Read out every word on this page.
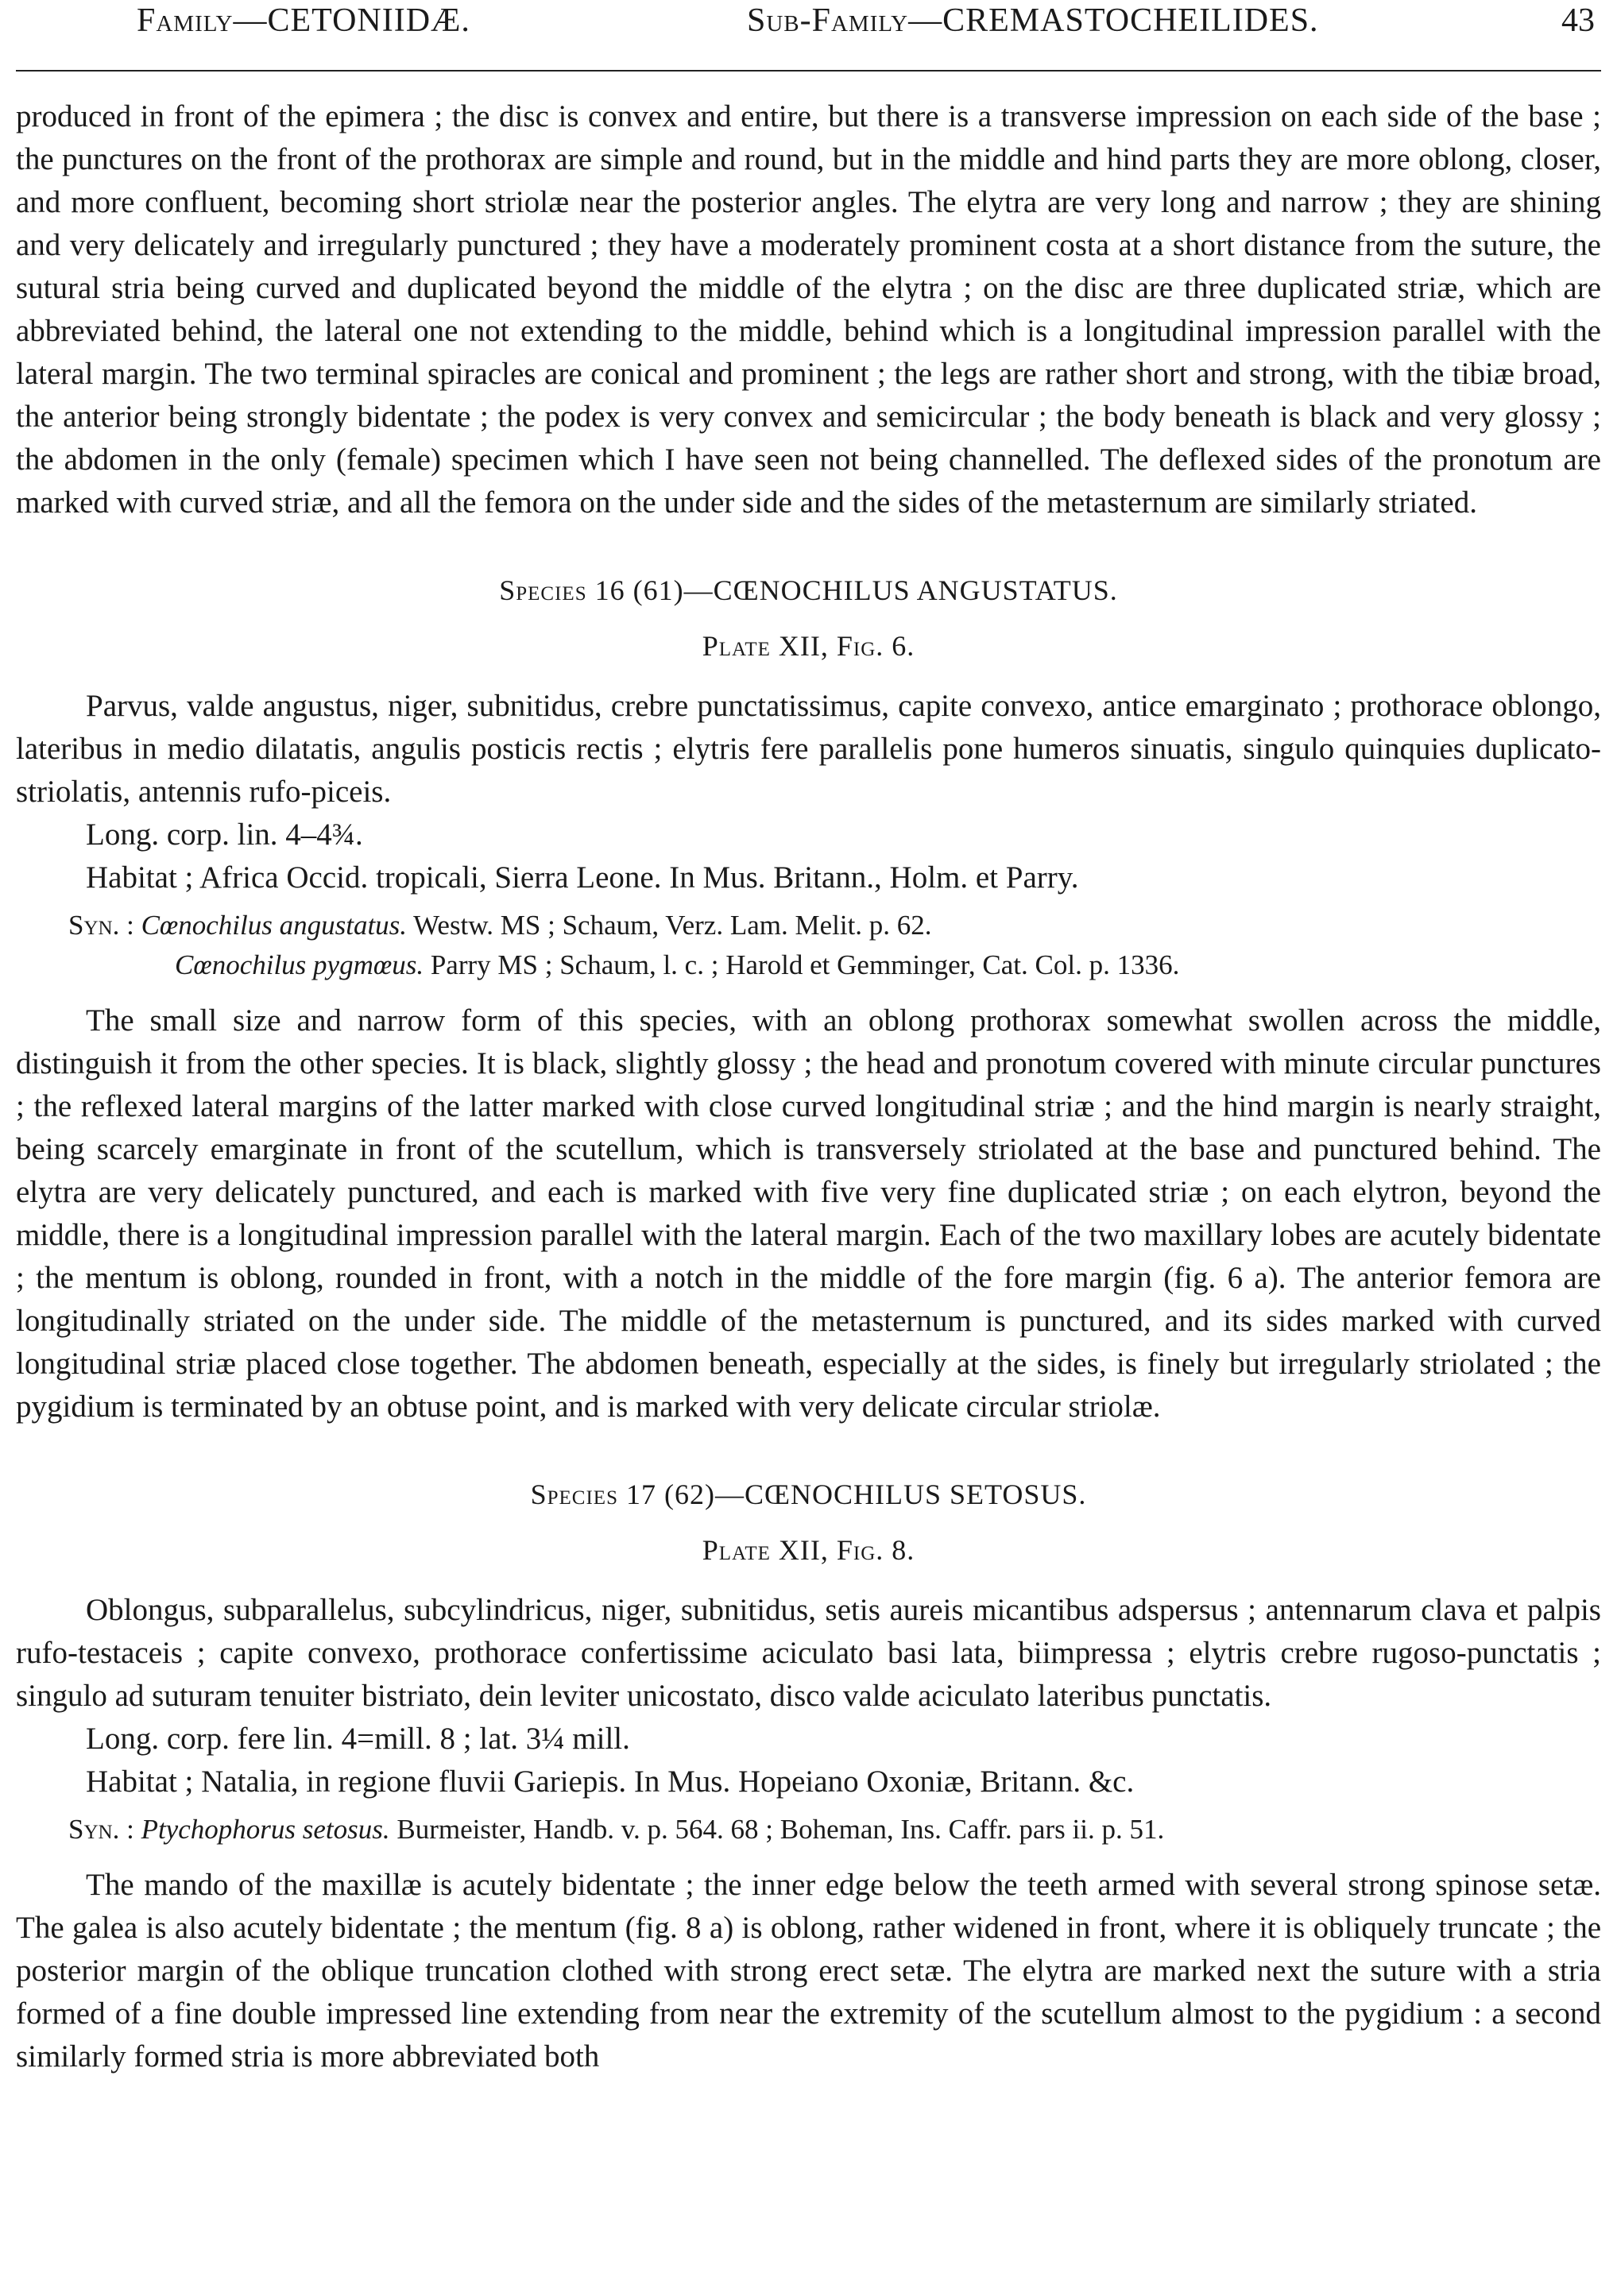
Family—CETONIIDÆ.	Sub-Family—CREMASTOCHEILIDES.	43

produced in front of the epimera ; the disc is convex and entire, but there is a transverse impression on each side of the base ; the punctures on the front of the prothorax are simple and round, but in the middle and hind parts they are more oblong, closer, and more confluent, becoming short striolæ near the posterior angles. The elytra are very long and narrow ; they are shining and very delicately and irregularly punctured ; they have a moderately prominent costa at a short distance from the suture, the sutural stria being curved and duplicated beyond the middle of the elytra ; on the disc are three duplicated striæ, which are abbreviated behind, the lateral one not extending to the middle, behind which is a longitudinal impression parallel with the lateral margin. The two terminal spiracles are conical and prominent ; the legs are rather short and strong, with the tibiæ broad, the anterior being strongly bidentate ; the podex is very convex and semicircular ; the body beneath is black and very glossy ; the abdomen in the only (female) specimen which I have seen not being channelled. The deflexed sides of the pronotum are marked with curved striæ, and all the femora on the under side and the sides of the metasternum are similarly striated.

Species 16 (61)—CŒNOCHILUS ANGUSTATUS.
Plate XII, Fig. 6.

Parvus, valde angustus, niger, subnitidus, crebre punctatissimus, capite convexo, antice emarginato ; prothorace oblongo, lateribus in medio dilatatis, angulis posticis rectis ; elytris fere parallelis pone humeros sinuatis, singulo quinquies duplicato-striolatis, antennis rufo-piceis.

Long. corp. lin. 4–4¾.

Habitat ; Africa Occid. tropicali, Sierra Leone. In Mus. Britann., Holm. et Parry.

Syn. : Cœnochilus angustatus. Westw. MS ; Schaum, Verz. Lam. Melit. p. 62.
Cœnochilus pygmœus. Parry MS ; Schaum, l. c. ; Harold et Gemminger, Cat. Col. p. 1336.

The small size and narrow form of this species, with an oblong prothorax somewhat swollen across the middle, distinguish it from the other species. It is black, slightly glossy ; the head and pronotum covered with minute circular punctures ; the reflexed lateral margins of the latter marked with close curved longitudinal striæ ; and the hind margin is nearly straight, being scarcely emarginate in front of the scutellum, which is transversely striolated at the base and punctured behind. The elytra are very delicately punctured, and each is marked with five very fine duplicated striæ ; on each elytron, beyond the middle, there is a longitudinal impression parallel with the lateral margin. Each of the two maxillary lobes are acutely bidentate ; the mentum is oblong, rounded in front, with a notch in the middle of the fore margin (fig. 6 a). The anterior femora are longitudinally striated on the under side. The middle of the metasternum is punctured, and its sides marked with curved longitudinal striæ placed close together. The abdomen beneath, especially at the sides, is finely but irregularly striolated ; the pygidium is terminated by an obtuse point, and is marked with very delicate circular striolæ.

Species 17 (62)—CŒNOCHILUS SETOSUS.
Plate XII, Fig. 8.

Oblongus, subparallelus, subcylindricus, niger, subnitidus, setis aureis micantibus adspersus ; antennarum clava et palpis rufo-testaceis ; capite convexo, prothorace confertissime aciculato basi lata, biimpressa ; elytris crebre rugoso-punctatis ; singulo ad suturam tenuiter bistriato, dein leviter unicostato, disco valde aciculato lateribus punctatis.

Long. corp. fere lin. 4=mill. 8 ; lat. 3¼ mill.

Habitat ; Natalia, in regione fluvii Gariepis. In Mus. Hopeiano Oxoniæ, Britann. &c.

Syn. : Ptychophorus setosus. Burmeister, Handb. v. p. 564. 68 ; Boheman, Ins. Caffr. pars ii. p. 51.

The mando of the maxillæ is acutely bidentate ; the inner edge below the teeth armed with several strong spinose setæ. The galea is also acutely bidentate ; the mentum (fig. 8 a) is oblong, rather widened in front, where it is obliquely truncate ; the posterior margin of the oblique truncation clothed with strong erect setæ. The elytra are marked next the suture with a stria formed of a fine double impressed line extending from near the extremity of the scutellum almost to the pygidium : a second similarly formed stria is more abbreviated both
